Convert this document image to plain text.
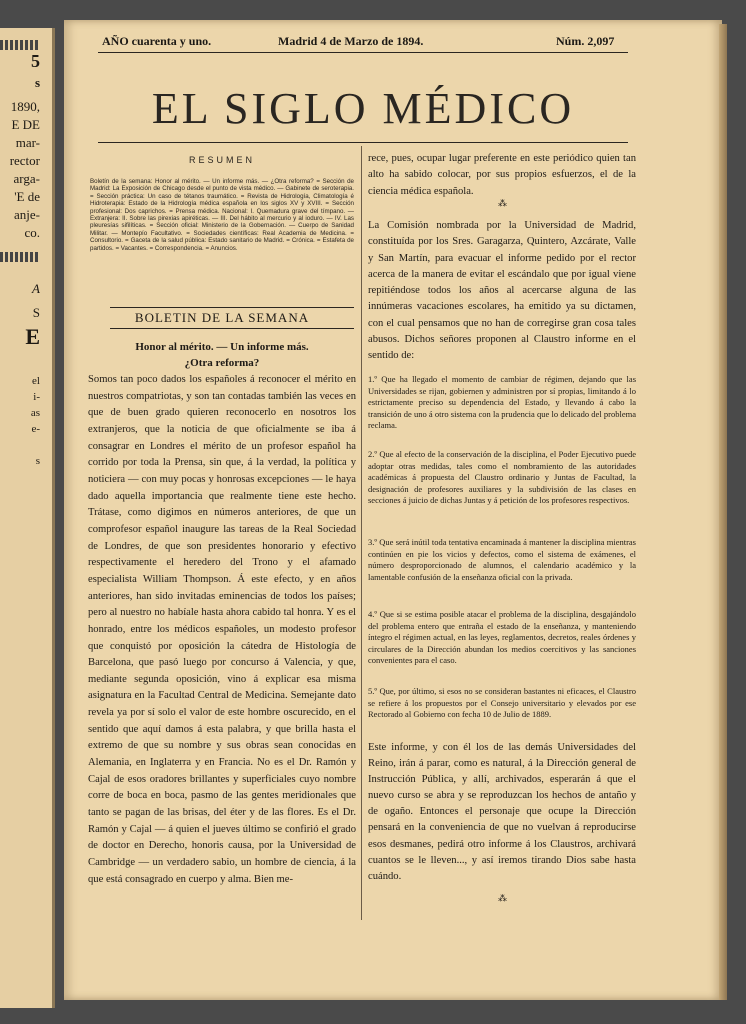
5
s
1890,
E DE
mar-
rector
arga-
'E de
anje-
co.
A
S
E
el
i-
as
e-
s
AÑO cuarenta y uno.	Madrid 4 de Marzo de 1894.	Núm. 2,097
EL SIGLO MÉDICO
RESUMEN
Boletín de la semana: Honor al mérito. — Un informe más. — ¿Otra reforma? = Sección de Madrid: La Exposición de Chicago desde el punto de vista médico. — Gabinete de seroterapia. = Sección práctica: Un caso de tétanos traumático. = Revista de Hidrología, Climatología é Hidroterapia: Estado de la Hidrología médica española en los siglos XV y XVIII. = Sección profesional: Dos caprichos. = Prensa médica. Nacional: I. Quemadura grave del tímpano. — Extranjera: II. Sobre las pirexias apiréticas. — III. Del hábito al mercurio y al ioduro. — IV. Las pleuresías sifilíticas. = Sección oficial: Ministerio de la Gobernación. — Cuerpo de Sanidad Militar. — Montepío Facultativo. = Sociedades científicas: Real Academia de Medicina. = Consultorio. = Gaceta de la salud pública: Estado sanitario de Madrid. = Crónica. = Estafeta de partidos. = Vacantes. = Correspondencia. = Anuncios.
BOLETIN DE LA SEMANA
Honor al mérito. — Un informe más.
¿Otra reforma?
Somos tan poco dados los españoles á reconocer el mérito en nuestros compatriotas, y son tan contadas también las veces en que de buen grado quieren reconocerlo en nosotros los extranjeros, que la noticia de que oficialmente se iba á consagrar en Londres el mérito de un profesor español ha corrido por toda la Prensa, sin que, á la verdad, la política y noticiera — con muy pocas y honrosas excepciones — le haya dado aquella importancia que realmente tiene este hecho. Trátase, como digimos en números anteriores, de que un comprofesor español inaugure las tareas de la Real Sociedad de Londres, de que son presidentes honorario y efectivo respectivamente el heredero del Trono y el afamado especialista William Thompson. Á este efecto, y en años anteriores, han sido invitadas eminencias de todos los países; pero al nuestro no habíale hasta ahora cabido tal honra. Y es el honrado, entre los médicos españoles, un modesto profesor que conquistó por oposición la cátedra de Histología de Barcelona, que pasó luego por concurso á Valencia, y que, mediante segunda oposición, vino á explicar esa misma asignatura en la Facultad Central de Medicina. Semejante dato revela ya por sí solo el valor de este hombre oscurecido, en el sentido que aquí damos á esta palabra, y que brilla hasta el extremo de que su nombre y sus obras sean conocidas en Alemania, en Inglaterra y en Francia. No es el Dr. Ramón y Cajal de esos oradores brillantes y superficiales cuyo nombre corre de boca en boca, pasmo de las gentes meridionales que tanto se pagan de las brisas, del éter y de las flores. Es el Dr. Ramón y Cajal — á quien el jueves último se confirió el grado de doctor en Derecho, honoris causa, por la Universidad de Cambridge — un verdadero sabio, un hombre de ciencia, á la que está consagrado en cuerpo y alma. Bien me-
rece, pues, ocupar lugar preferente en este periódico quien tan alto ha sabido colocar, por sus propios esfuerzos, el de la ciencia médica española.
⁂
La Comisión nombrada por la Universidad de Madrid, constituída por los Sres. Garagarza, Quintero, Azcárate, Valle y San Martín, para evacuar el informe pedido por el rector acerca de la manera de evitar el escándalo que por igual viene repitiéndose todos los años al acercarse alguna de las innúmeras vacaciones escolares, ha emitido ya su dictamen, con el cual pensamos que no han de corregirse gran cosa tales abusos. Dichos señores proponen al Claustro informe en el sentido de:
1.º Que ha llegado el momento de cambiar de régimen, dejando que las Universidades se rijan, gobiernen y administren por sí propias, limitando á lo estrictamente preciso su dependencia del Estado, y llevando á cabo la transición de uno á otro sistema con la prudencia que lo delicado del problema reclama.
2.º Que al efecto de la conservación de la disciplina, el Poder Ejecutivo puede adoptar otras medidas, tales como el nombramiento de las autoridades académicas á propuesta del Claustro ordinario y Juntas de Facultad, la designación de profesores auxiliares y la subdivisión de las clases en secciones á juicio de dichas Juntas y á petición de los profesores respectivos.
3.º Que será inútil toda tentativa encaminada á mantener la disciplina mientras continúen en pie los vicios y defectos, como el sistema de exámenes, el número desproporcionado de alumnos, el calendario académico y la lamentable confusión de la enseñanza oficial con la privada.
4.º Que si se estima posible atacar el problema de la disciplina, desgajándolo del problema entero que entraña el estado de la enseñanza, y manteniendo íntegro el régimen actual, en las leyes, reglamentos, decretos, reales órdenes y circulares de la Dirección abundan los medios coercitivos y las sanciones convenientes para el caso.
5.º Que, por último, si esos no se consideran bastantes ni eficaces, el Claustro se refiere á los propuestos por el Consejo universitario y elevados por ese Rectorado al Gobierno con fecha 10 de Julio de 1889.
Este informe, y con él los de las demás Universidades del Reino, irán á parar, como es natural, á la Dirección general de Instrucción Pública, y allí, archivados, esperarán á que el nuevo curso se abra y se reproduzcan los hechos de antaño y de ogaño. Entonces el personaje que ocupe la Dirección pensará en la conveniencia de que no vuelvan á reproducirse esos desmanes, pedirá otro informe á los Claustros, archivará cuantos se le lleven..., y así iremos tirando Dios sabe hasta cuándo.
⁂
